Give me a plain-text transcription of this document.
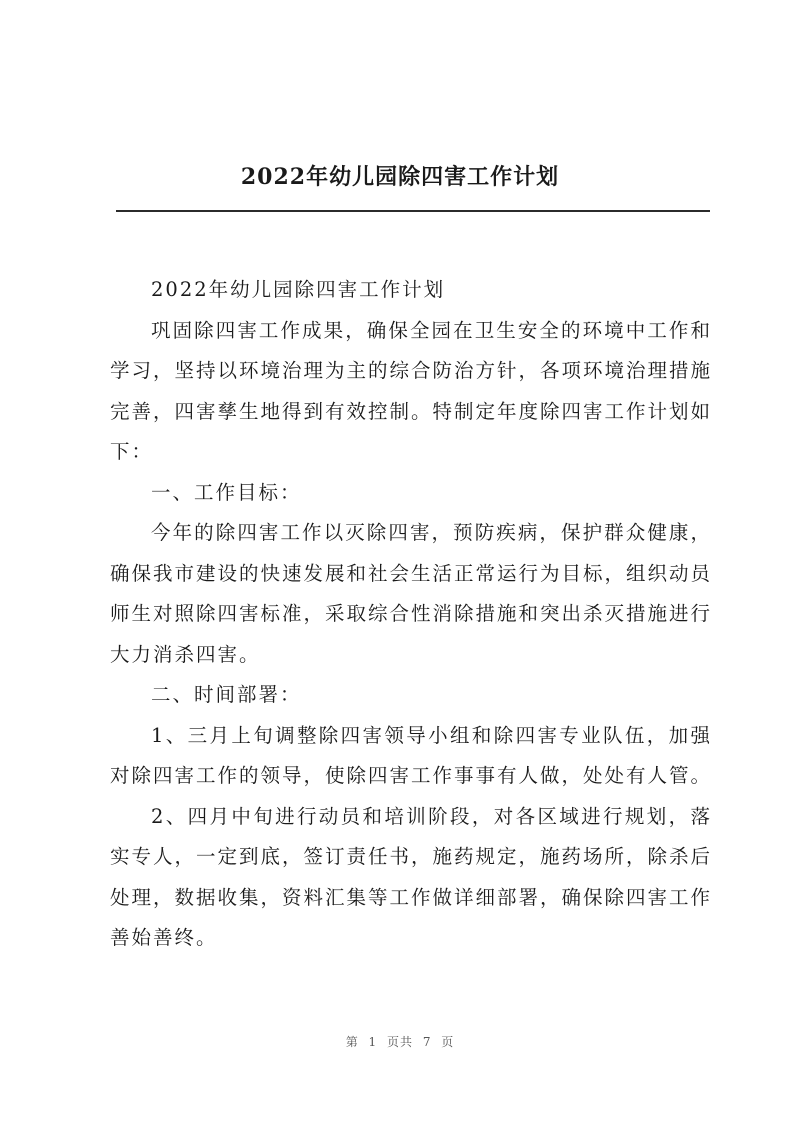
2022年幼儿园除四害工作计划

2022年幼儿园除四害工作计划

巩固除四害工作成果，确保全园在卫生安全的环境中工作和学习，坚持以环境治理为主的综合防治方针，各项环境治理措施完善，四害孳生地得到有效控制。特制定年度除四害工作计划如下：

一、工作目标：

今年的除四害工作以灭除四害，预防疾病，保护群众健康，确保我市建设的快速发展和社会生活正常运行为目标，组织动员师生对照除四害标准，采取综合性消除措施和突出杀灭措施进行大力消杀四害。

二、时间部署：

1、三月上旬调整除四害领导小组和除四害专业队伍，加强对除四害工作的领导，使除四害工作事事有人做，处处有人管。

2、四月中旬进行动员和培训阶段，对各区域进行规划，落实专人，一定到底，签订责任书，施药规定，施药场所，除杀后处理，数据收集，资料汇集等工作做详细部署，确保除四害工作善始善终。

第 1 页共 7 页
